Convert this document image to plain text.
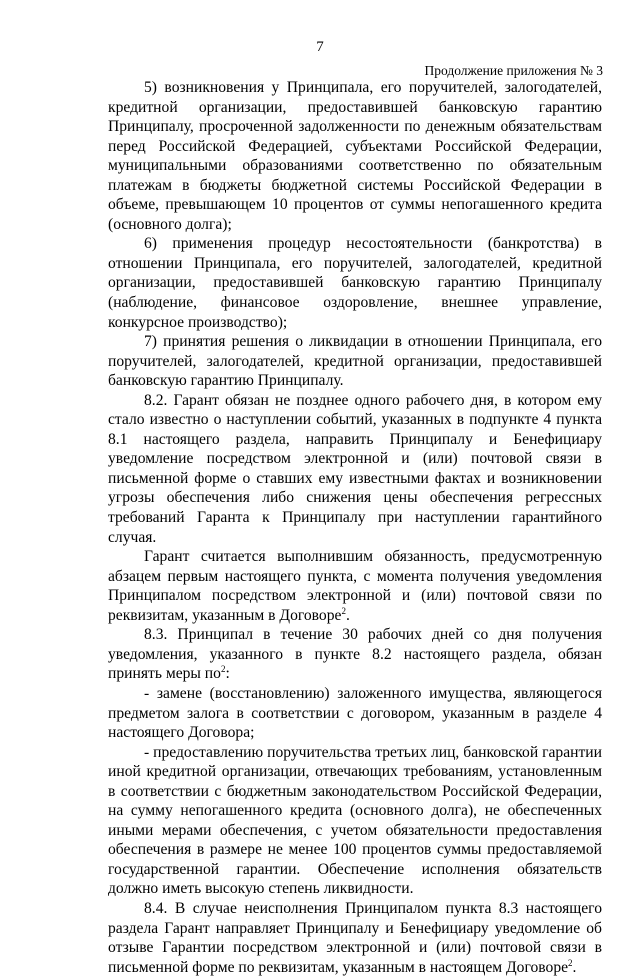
7
Продолжение приложения № 3

5) возникновения у Принципала, его поручителей, залогодателей, кредитной организации, предоставившей банковскую гарантию Принципалу, просроченной задолженности по денежным обязательствам перед Российской Федерацией, субъектами Российской Федерации, муниципальными образованиями соответственно по обязательным платежам в бюджеты бюджетной системы Российской Федерации в объеме, превышающем 10 процентов от суммы непогашенного кредита (основного долга);

6) применения процедур несостоятельности (банкротства) в отношении Принципала, его поручителей, залогодателей, кредитной организации, предоставившей банковскую гарантию Принципалу (наблюдение, финансовое оздоровление, внешнее управление, конкурсное производство);

7) принятия решения о ликвидации в отношении Принципала, его поручителей, залогодателей, кредитной организации, предоставившей банковскую гарантию Принципалу.

8.2. Гарант обязан не позднее одного рабочего дня, в котором ему стало известно о наступлении событий, указанных в подпункте 4 пункта 8.1 настоящего раздела, направить Принципалу и Бенефициару уведомление посредством электронной и (или) почтовой связи в письменной форме о ставших ему известными фактах и возникновении угрозы обеспечения либо снижения цены обеспечения регрессных требований Гаранта к Принципалу при наступлении гарантийного случая.

Гарант считается выполнившим обязанность, предусмотренную абзацем первым настоящего пункта, с момента получения уведомления Принципалом посредством электронной и (или) почтовой связи по реквизитам, указанным в Договоре$^2$.

8.3. Принципал в течение 30 рабочих дней со дня получения уведомления, указанного в пункте 8.2 настоящего раздела, обязан принять меры $по^2$:

- замене (восстановлению) заложенного имущества, являющегося предметом залога в соответствии с договором, указанным в разделе 4 настоящего Договора;

- предоставлению поручительства третьих лиц, банковской гарантии иной кредитной организации, отвечающих требованиям, установленным в соответствии с бюджетным законодательством Российской Федерации, на сумму непогашенного кредита (основного долга), не обеспеченных иными мерами обеспечения, с учетом обязательности предоставления обеспечения в размере не менее 100 процентов суммы предоставляемой государственной гарантии. Обеспечение исполнения обязательств должно иметь высокую степень ликвидности.

8.4. В случае неисполнения Принципалом пункта 8.3 настоящего раздела Гарант направляет Принципалу и Бенефициару уведомление об отзыве Гарантии посредством электронной и (или) почтовой связи в письменной форме по реквизитам, указанным в настоящем Договоре$^2$.
